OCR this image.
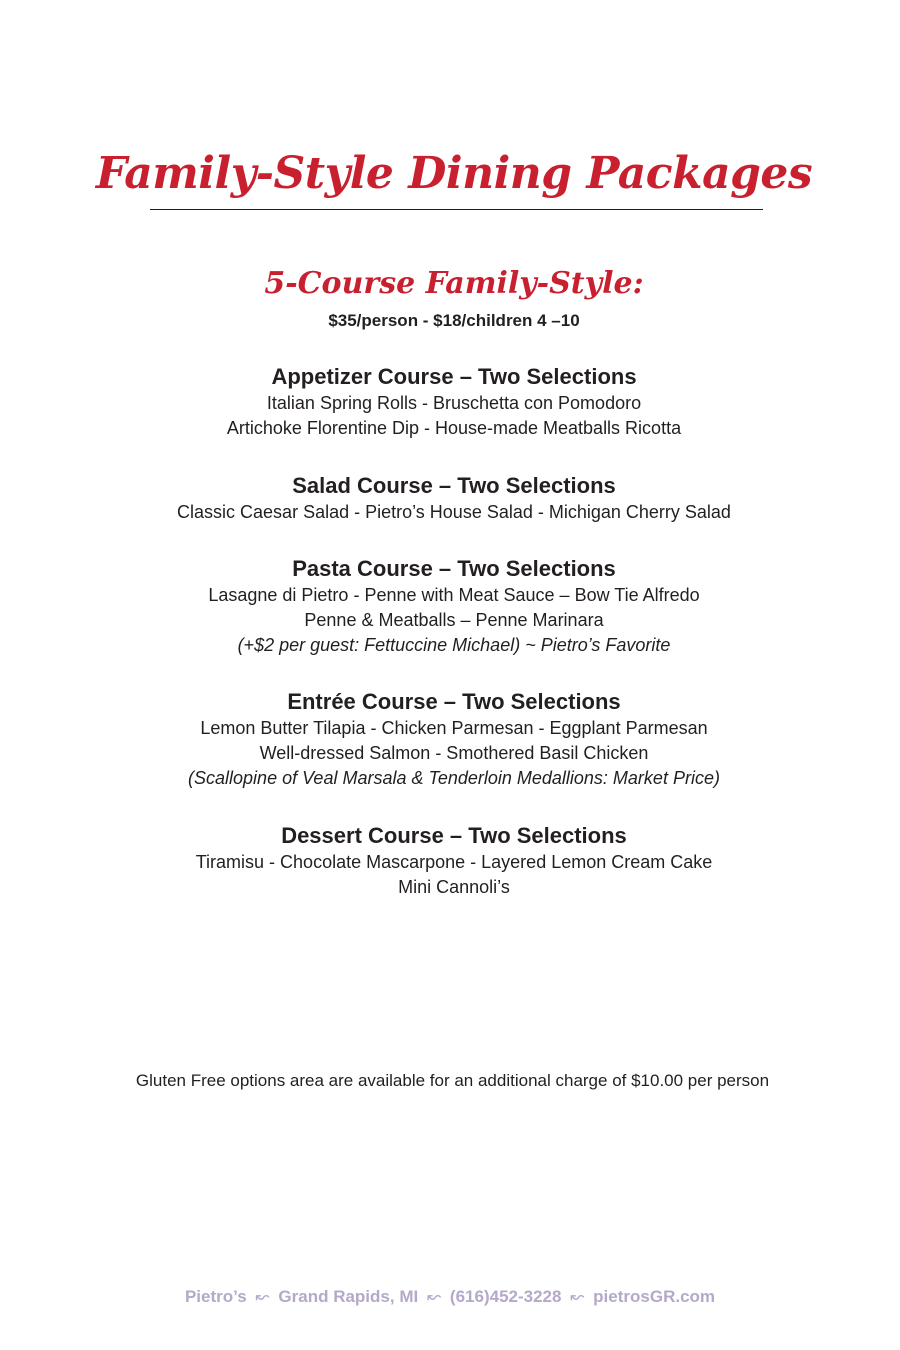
Family-Style Dining Packages
5-Course Family-Style:

$35/person - $18/children 4 –10

Appetizer Course – Two Selections
Italian Spring Rolls - Bruschetta con Pomodoro
Artichoke Florentine Dip - House-made Meatballs Ricotta
Salad Course – Two Selections
Classic Caesar Salad - Pietro’s House Salad - Michigan Cherry Salad
Pasta Course – Two Selections
Lasagne di Pietro - Penne with Meat Sauce – Bow Tie Alfredo
Penne & Meatballs – Penne Marinara
(+$2 per guest: Fettuccine Michael) ~ Pietro’s Favorite
Entrée Course – Two Selections
Lemon Butter Tilapia - Chicken Parmesan - Eggplant Parmesan
Well-dressed Salmon - Smothered Basil Chicken
(Scallopine of Veal Marsala & Tenderloin Medallions: Market Price)
Dessert Course – Two Selections
Tiramisu - Chocolate Mascarpone - Layered Lemon Cream Cake
Mini Cannoli’s

Gluten Free options area are available for an additional charge of $10.00 per person

Pietro’s ↜ Grand Rapids, MI ↜ (616)452-3228 ↜ pietrosGR.com
